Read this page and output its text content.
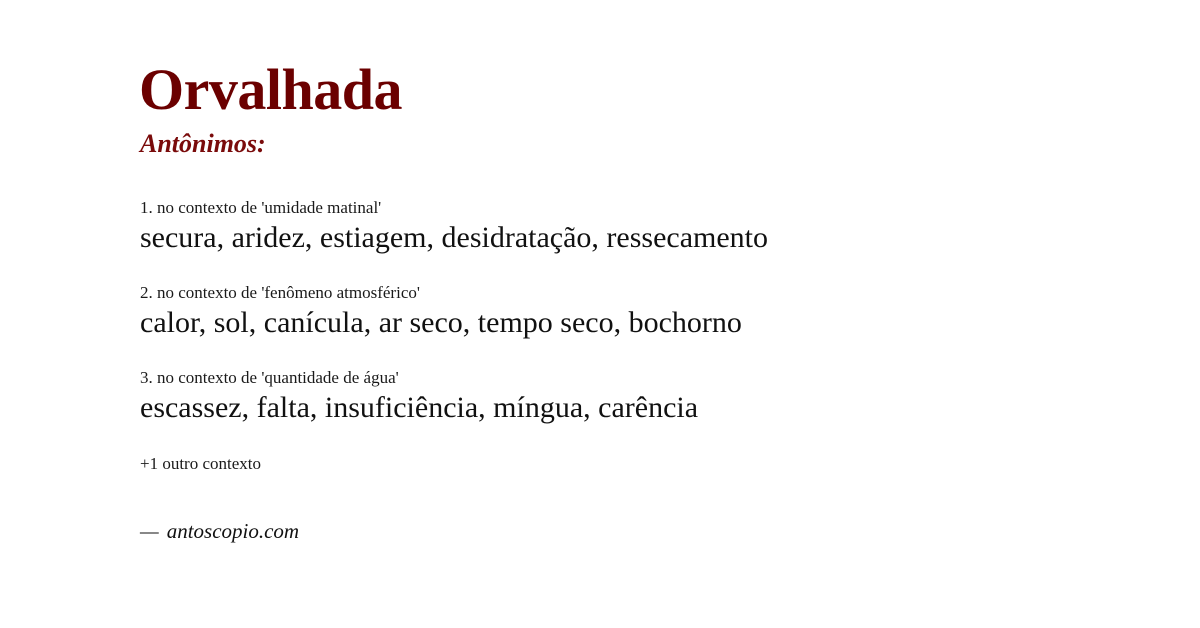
Orvalhada
Antônimos:
1. no contexto de 'umidade matinal'
secura, aridez, estiagem, desidratação, ressecamento
2. no contexto de 'fenômeno atmosférico'
calor, sol, canícula, ar seco, tempo seco, bochorno
3. no contexto de 'quantidade de água'
escassez, falta, insuficiência, míngua, carência
+1 outro contexto
— antoscopio.com
